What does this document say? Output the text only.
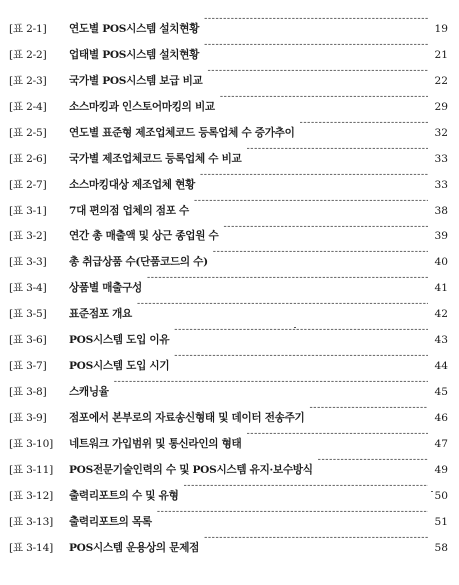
[표 2-1]	연도별 POS시스템 설치현황 -----	19
[표 2-2]	업태별 POS시스템 설치현황 -----	21
[표 2-3]	국가별 POS시스템 보급 비교 -----	22
[표 2-4]	소스마킹과 인스토어마킹의 비교 -----	29
[표 2-5]	연도별 표준형 제조업체코드 등록업체 수 증가추이 -----	32
[표 2-6]	국가별 제조업체코드 등록업체 수 비교 -----	33
[표 2-7]	소스마킹대상 제조업체 현황 -----	33
[표 3-1]	7대 편의점 업체의 점포 수 -----	38
[표 3-2]	연간 총 매출액 및 상근 종업원 수 -----	39
[표 3-3]	총 취급상품 수(단품코드의 수) -----	40
[표 3-4]	상품별 매출구성 -----	41
[표 3-5]	표준점포 개요 -----	42
[표 3-6]	POS시스템 도입 이유 -----	43
[표 3-7]	POS시스템 도입 시기 -----	44
[표 3-8]	스캐닝율 -----	45
[표 3-9]	점포에서 본부로의 자료송신형태 및 데이터 전송주기 -----	46
[표 3-10]	네트워크 가입범위 및 통신라인의 형태 -----	47
[표 3-11]	POS전문기술인력의 수 및 POS시스템 유지·보수방식 -----	49
[표 3-12]	출력리포트의 수 및 유형 -----	50
[표 3-13]	출력리포트의 목록 -----	51
[표 3-14]	POS시스템 운용상의 문제점 -----	58
